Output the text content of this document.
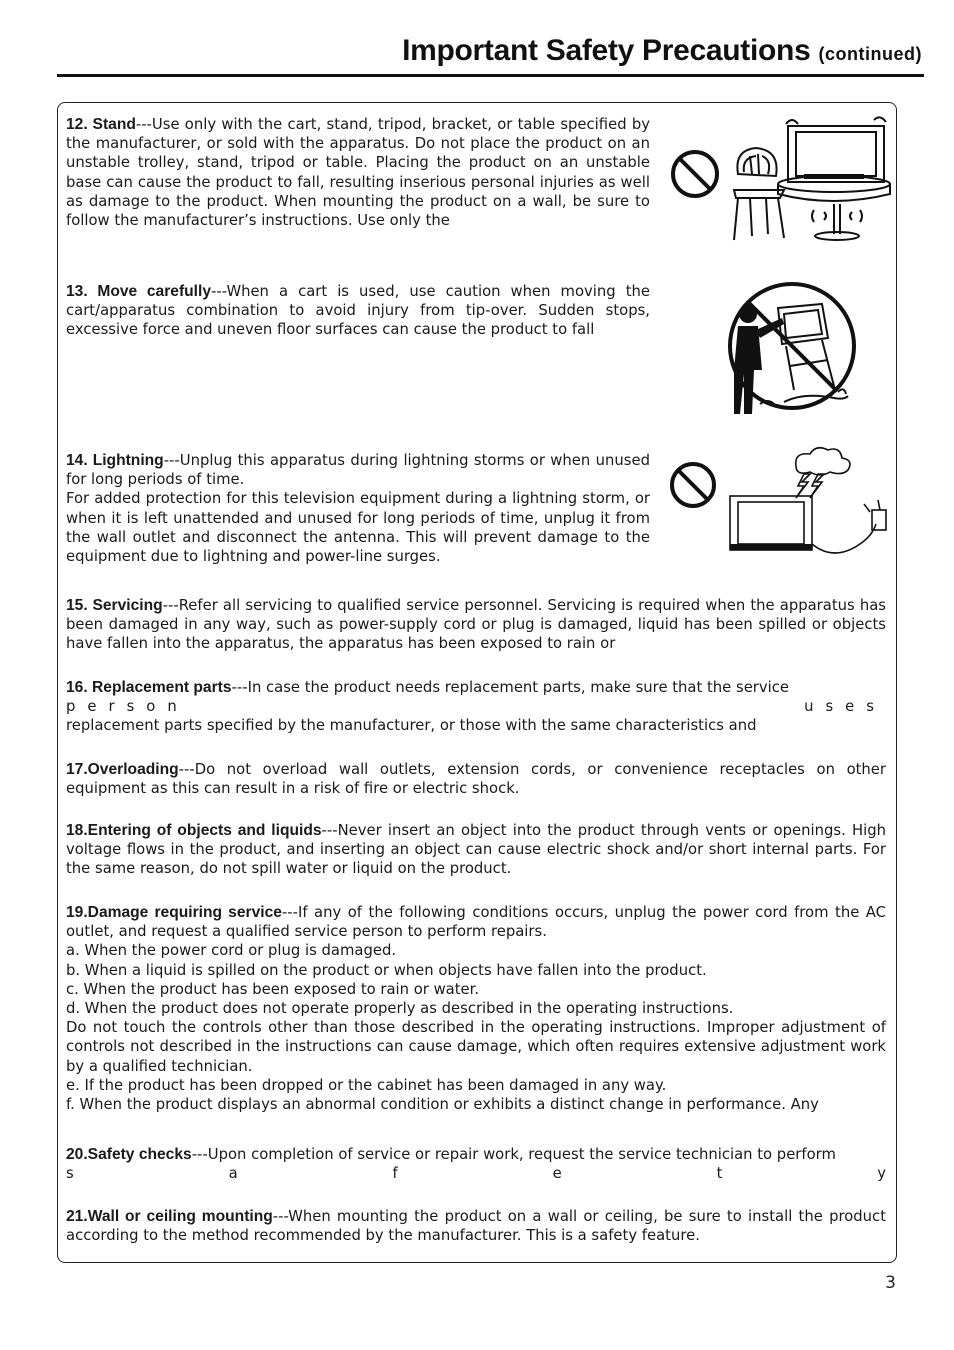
Important Safety Precautions (continued)

12. Stand---Use only with the cart, stand, tripod, bracket, or table specified by the manufacturer, or sold with the apparatus. Do not place the product on an unstable trolley, stand, tripod or table. Placing the product on an unstable base can cause the product to fall, resulting inserious personal injuries as well as damage to the product. When mounting the product on a wall, be sure to follow the manufacturer’s instructions. Use only the

13. Move carefully---When a cart is used, use caution when moving the cart/apparatus combination to avoid injury from tip-over. Sudden stops, excessive force and uneven floor surfaces can cause the product to fall

14. Lightning---Unplug this apparatus during lightning storms or when unused for long periods of time.
For added protection for this television equipment during a lightning storm, or when it is left unattended and unused for long periods of time, unplug it from the wall outlet and disconnect the antenna. This will prevent damage to the equipment due to lightning and power-line surges.

15. Servicing---Refer all servicing to qualified service personnel. Servicing is required when the apparatus has been damaged in any way, such as power-supply cord or plug is damaged, liquid has been spilled or objects have fallen into the apparatus, the apparatus has been exposed to rain or

16. Replacement parts---In case the product needs replacement parts, make sure that the service
person	uses
replacement parts specified by the manufacturer, or those with the same characteristics and

17.Overloading---Do not overload wall outlets, extension cords, or convenience receptacles on other equipment as this can result in a risk of fire or electric shock.

18.Entering of objects and liquids---Never insert an object into the product through vents or openings. High voltage flows in the product, and inserting an object can cause electric shock and/or short internal parts. For the same reason, do not spill water or liquid on the product.

19.Damage requiring service---If any of the following conditions occurs, unplug the power cord from the AC outlet, and request a qualified service person to perform repairs.
a. When the power cord or plug is damaged.
b. When a liquid is spilled on the product or when objects have fallen into the product.
c. When the product has been exposed to rain or water.
d. When the product does not operate properly as described in the operating instructions.
Do not touch the controls other than those described in the operating instructions. Improper adjustment of controls not described in the instructions can cause damage, which often requires extensive adjustment work by a qualified technician.
e. If the product has been dropped or the cabinet has been damaged in any way.
f. When the product displays an abnormal condition or exhibits a distinct change in performance. Any
20.Safety checks---Upon completion of service or repair work, request the service technician to perform
s	a	f	e	t	y

21.Wall or ceiling mounting---When mounting the product on a wall or ceiling, be sure to install the product according to the method recommended by the manufacturer. This is a safety feature.

3
